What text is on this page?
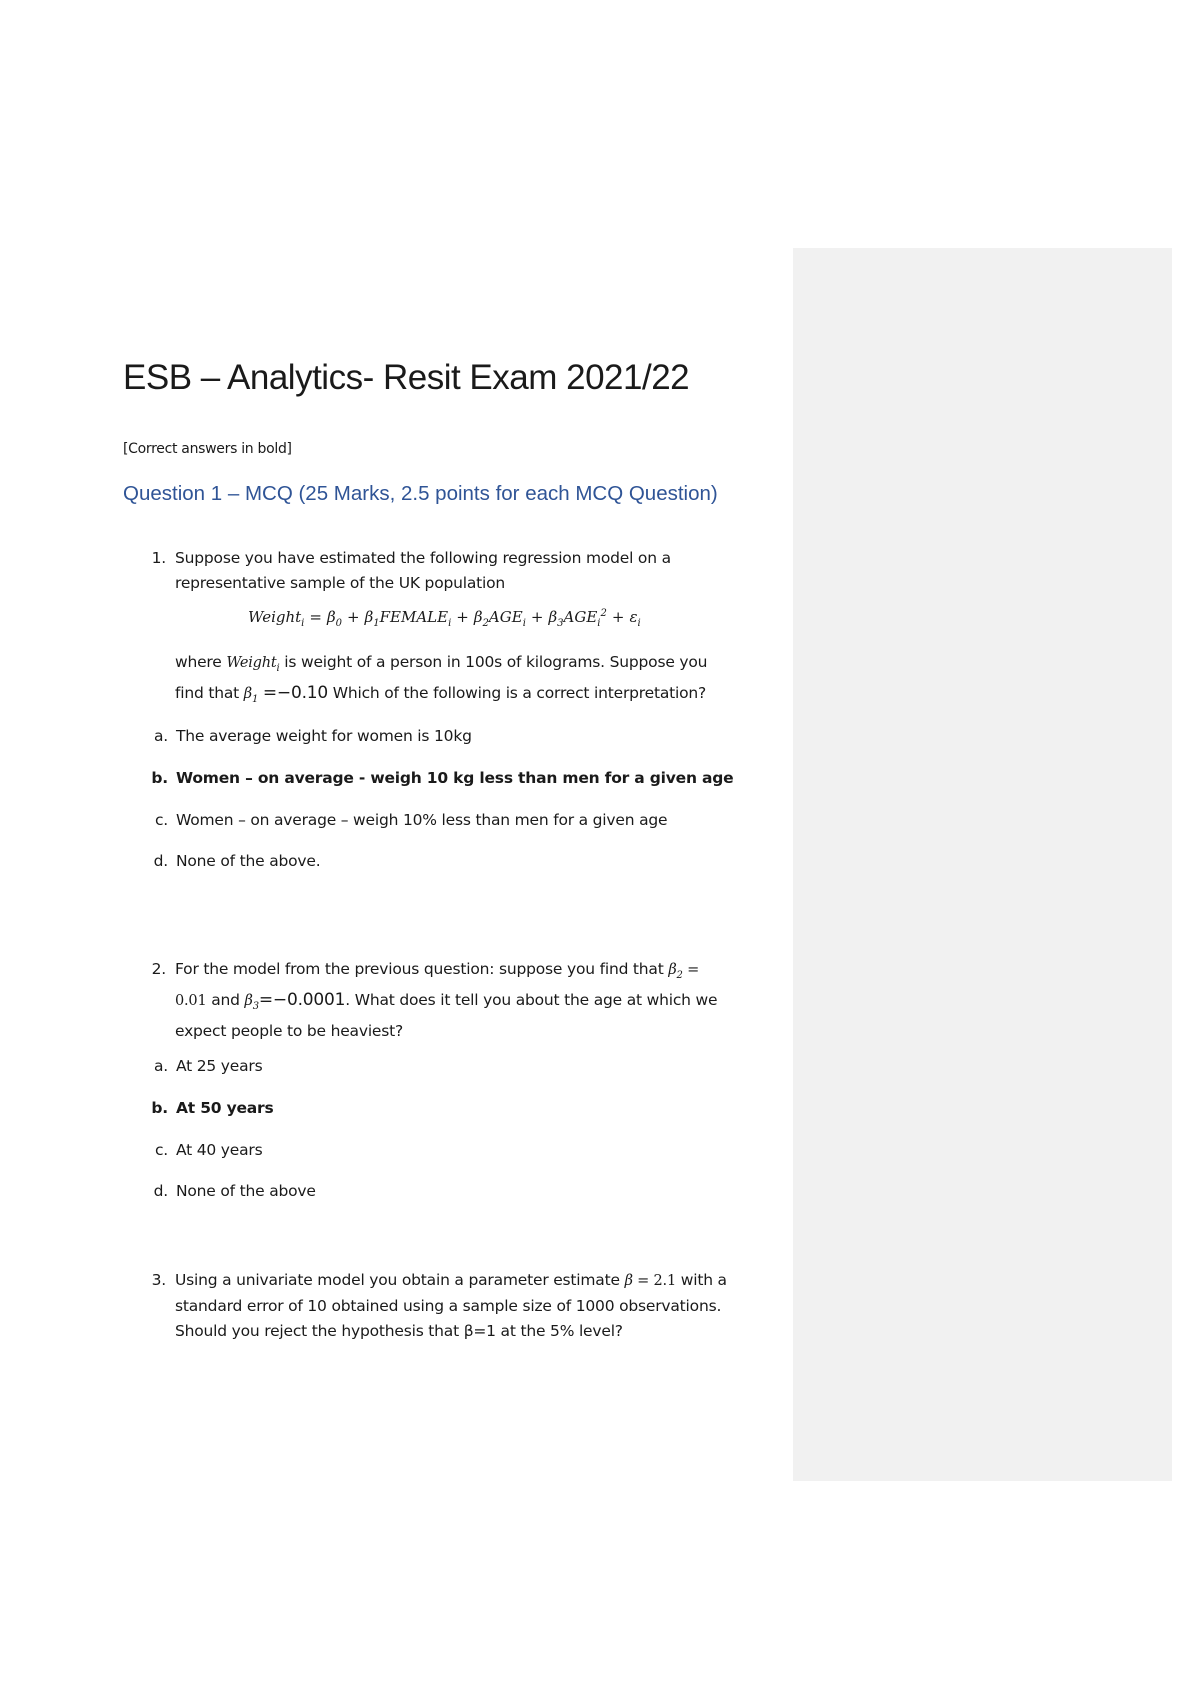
ESB – Analytics- Resit Exam 2021/22
[Correct answers in bold]
Question 1 – MCQ (25 Marks, 2.5 points for each MCQ Question)
1. Suppose you have estimated the following regression model on a
representative sample of the UK population
Weight$_i$ = $\beta_0$ + $\beta_1FEMALE_i + \beta_2AGE_i + \beta_3AGE_i^2 + \varepsilon_i$
where Weight$_i$ is weight of a person in 100s of kilograms. Suppose you
find that $\beta_1 =-0.10$ Which of the following is a correct interpretation?
a. The average weight for women is 10kg
b. Women – on average - weigh 10 kg less than men for a given age
c. Women – on average – weigh 10% less than men for a given age
d. None of the above.
2. For the model from the previous question: suppose you find that $\beta_2$ =
0.01 and $\beta_3=-0.0001$. What does it tell you about the age at which we
expect people to be heaviest?
a. At 25 years
b. At 50 years
c. At 40 years
d. None of the above
3. Using a univariate model you obtain a parameter estimate β = 2.1 with a
standard error of 10 obtained using a sample size of 1000 observations.
Should you reject the hypothesis that β=1 at the 5% level?
